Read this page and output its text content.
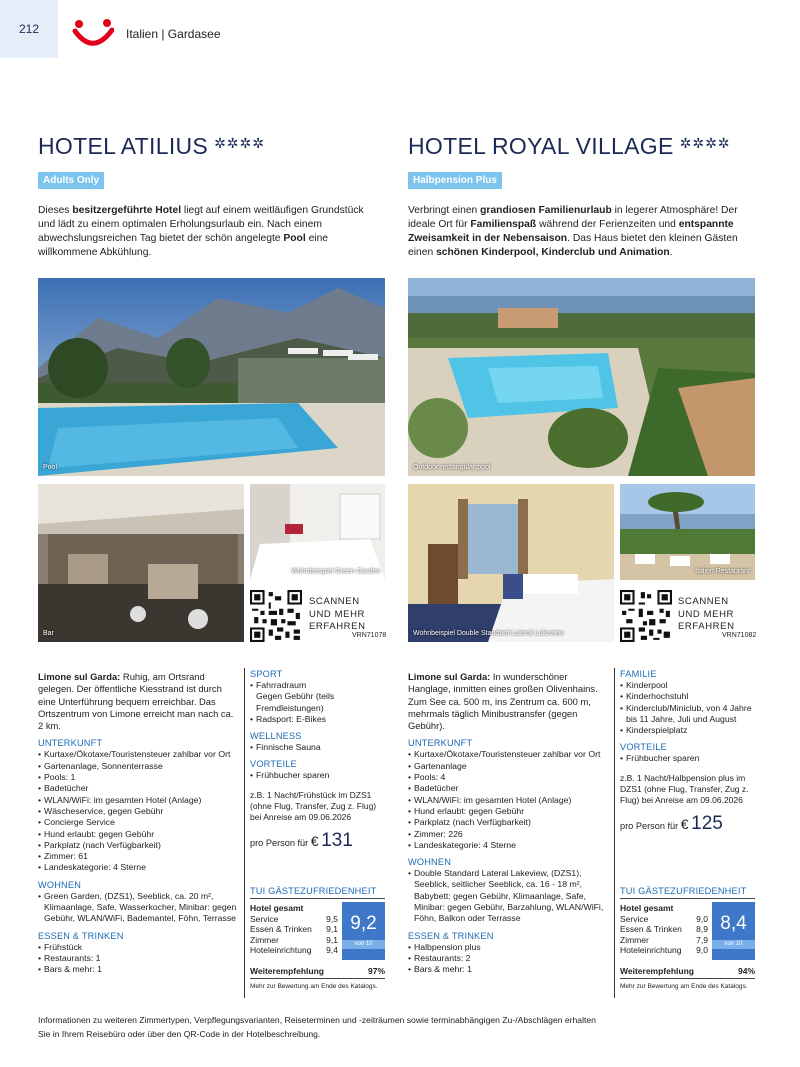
212	Italien | Gardasee
HOTEL ATILIUS ✲✲✲✲
Adults Only
Dieses besitzergeführte Hotel liegt auf einem weitläufigen Grundstück und lädt zu einem optimalen Erholungsurlaub ein. Nach einem abwechslungsreichen Tag bietet der schön angelegte Pool eine willkommene Abkühlung.
Pool
Bar
Wohnbeispiel Green Garden
SCANNEN
UND MEHR
ERFAHREN
VRN71078
Limone sul Garda: Ruhig, am Ortsrand gelegen. Der öffentliche Kiesstrand ist durch eine Unterführung bequem erreichbar. Das Ortszentrum von Limone erreicht man nach ca. 2 km.
UNTERKUNFT
• Kurtaxe/Ökotaxe/Touristensteuer zahlbar vor Ort
• Gartenanlage, Sonnenterrasse
• Pools: 1
• Badetücher
• WLAN/WiFi: im gesamten Hotel (Anlage)
• Wäscheservice, gegen Gebühr
• Concierge Service
• Hund erlaubt: gegen Gebühr
• Parkplatz (nach Verfügbarkeit)
• Zimmer: 61
• Landeskategorie: 4 Sterne
WOHNEN
• Green Garden, (DZS1), Seeblick, ca. 20 m², Klimaanlage, Safe, Wasserkocher, Minibar: gegen Gebühr, WLAN/WiFi, Bademantel, Föhn, Terrasse
ESSEN & TRINKEN
• Frühstück
• Restaurants: 1
• Bars & mehr: 1
SPORT
• Fahrradraum
Gegen Gebühr (teils Fremdleistungen)
• Radsport: E-Bikes
WELLNESS
• Finnische Sauna
VORTEILE
• Frühbucher sparen
z.B. 1 Nacht/Frühstück im DZS1 (ohne Flug, Transfer, Zug z. Flug) bei Anreise am 09.06.2026
pro Person für € 131
TUI GÄSTEZUFRIEDENHEIT
Hotel gesamt
Service	9,5
Essen & Trinken 9,1
Zimmer	9,1
Hoteleinrichtung 9,4
9,2
von 10
Weiterempfehlung	97%
Mehr zur Bewertung am Ende des Katalogs.
HOTEL ROYAL VILLAGE ✲✲✲✲
Halbpension Plus
Verbringt einen grandiosen Familienurlaub in legerer Atmosphäre! Der ideale Ort für Familienspaß während der Ferienzeiten und entspannte Zweisamkeit in der Nebensaison. Das Haus bietet den kleinen Gästen einen schönen Kinderpool, Kinderclub und Animation.
Outdoor rectangular pool
Wohnbeispiel Double Standard Lateral Lakeview
Italien Restaurant
SCANNEN
UND MEHR
ERFAHREN
VRN71082
Limone sul Garda: In wunderschöner Hanglage, inmitten eines großen Olivenhains. Zum See ca. 500 m, ins Zentrum ca. 600 m, mehrmals täglich Minibustransfer (gegen Gebühr).
UNTERKUNFT
• Kurtaxe/Ökotaxe/Touristensteuer zahlbar vor Ort
• Gartenanlage
• Pools: 4
• Badetücher
• WLAN/WiFi: im gesamten Hotel (Anlage)
• Hund erlaubt: gegen Gebühr
• Parkplatz (nach Verfügbarkeit)
• Zimmer: 226
• Landeskategorie: 4 Sterne
WOHNEN
• Double Standard Lateral Lakeview, (DZS1), Seeblick, seitlicher Seeblick, ca. 16 - 18 m², Babybett: gegen Gebühr, Klimaanlage, Safe, Minibar: gegen Gebühr, Barzahlung, WLAN/WiFi, Föhn, Balkon oder Terrasse
ESSEN & TRINKEN
• Halbpension plus
• Restaurants: 2
• Bars & mehr: 1
FAMILIE
• Kinderpool
• Kinderhochstuhl
• Kinderclub/Miniclub, von 4 Jahre bis 11 Jahre, Juli und August
• Kinderspielplatz
VORTEILE
• Frühbucher sparen
z.B. 1 Nacht/Halbpension plus im DZS1 (ohne Flug, Transfer, Zug z. Flug) bei Anreise am 09.06.2026
pro Person für € 125
TUI GÄSTEZUFRIEDENHEIT
Hotel gesamt
Service	9,0
Essen & Trinken 8,9
Zimmer	7,9
Hoteleinrichtung 9,0
8,4
von 10
Weiterempfehlung	94%
Mehr zur Bewertung am Ende des Katalogs.
Informationen zu weiteren Zimmertypen, Verpflegungsvarianten, Reiseterminen und -zeiträumen sowie terminabhängigen Zu-/Abschlägen erhalten Sie in Ihrem Reisebüro oder über den QR-Code in der Hotelbeschreibung.
